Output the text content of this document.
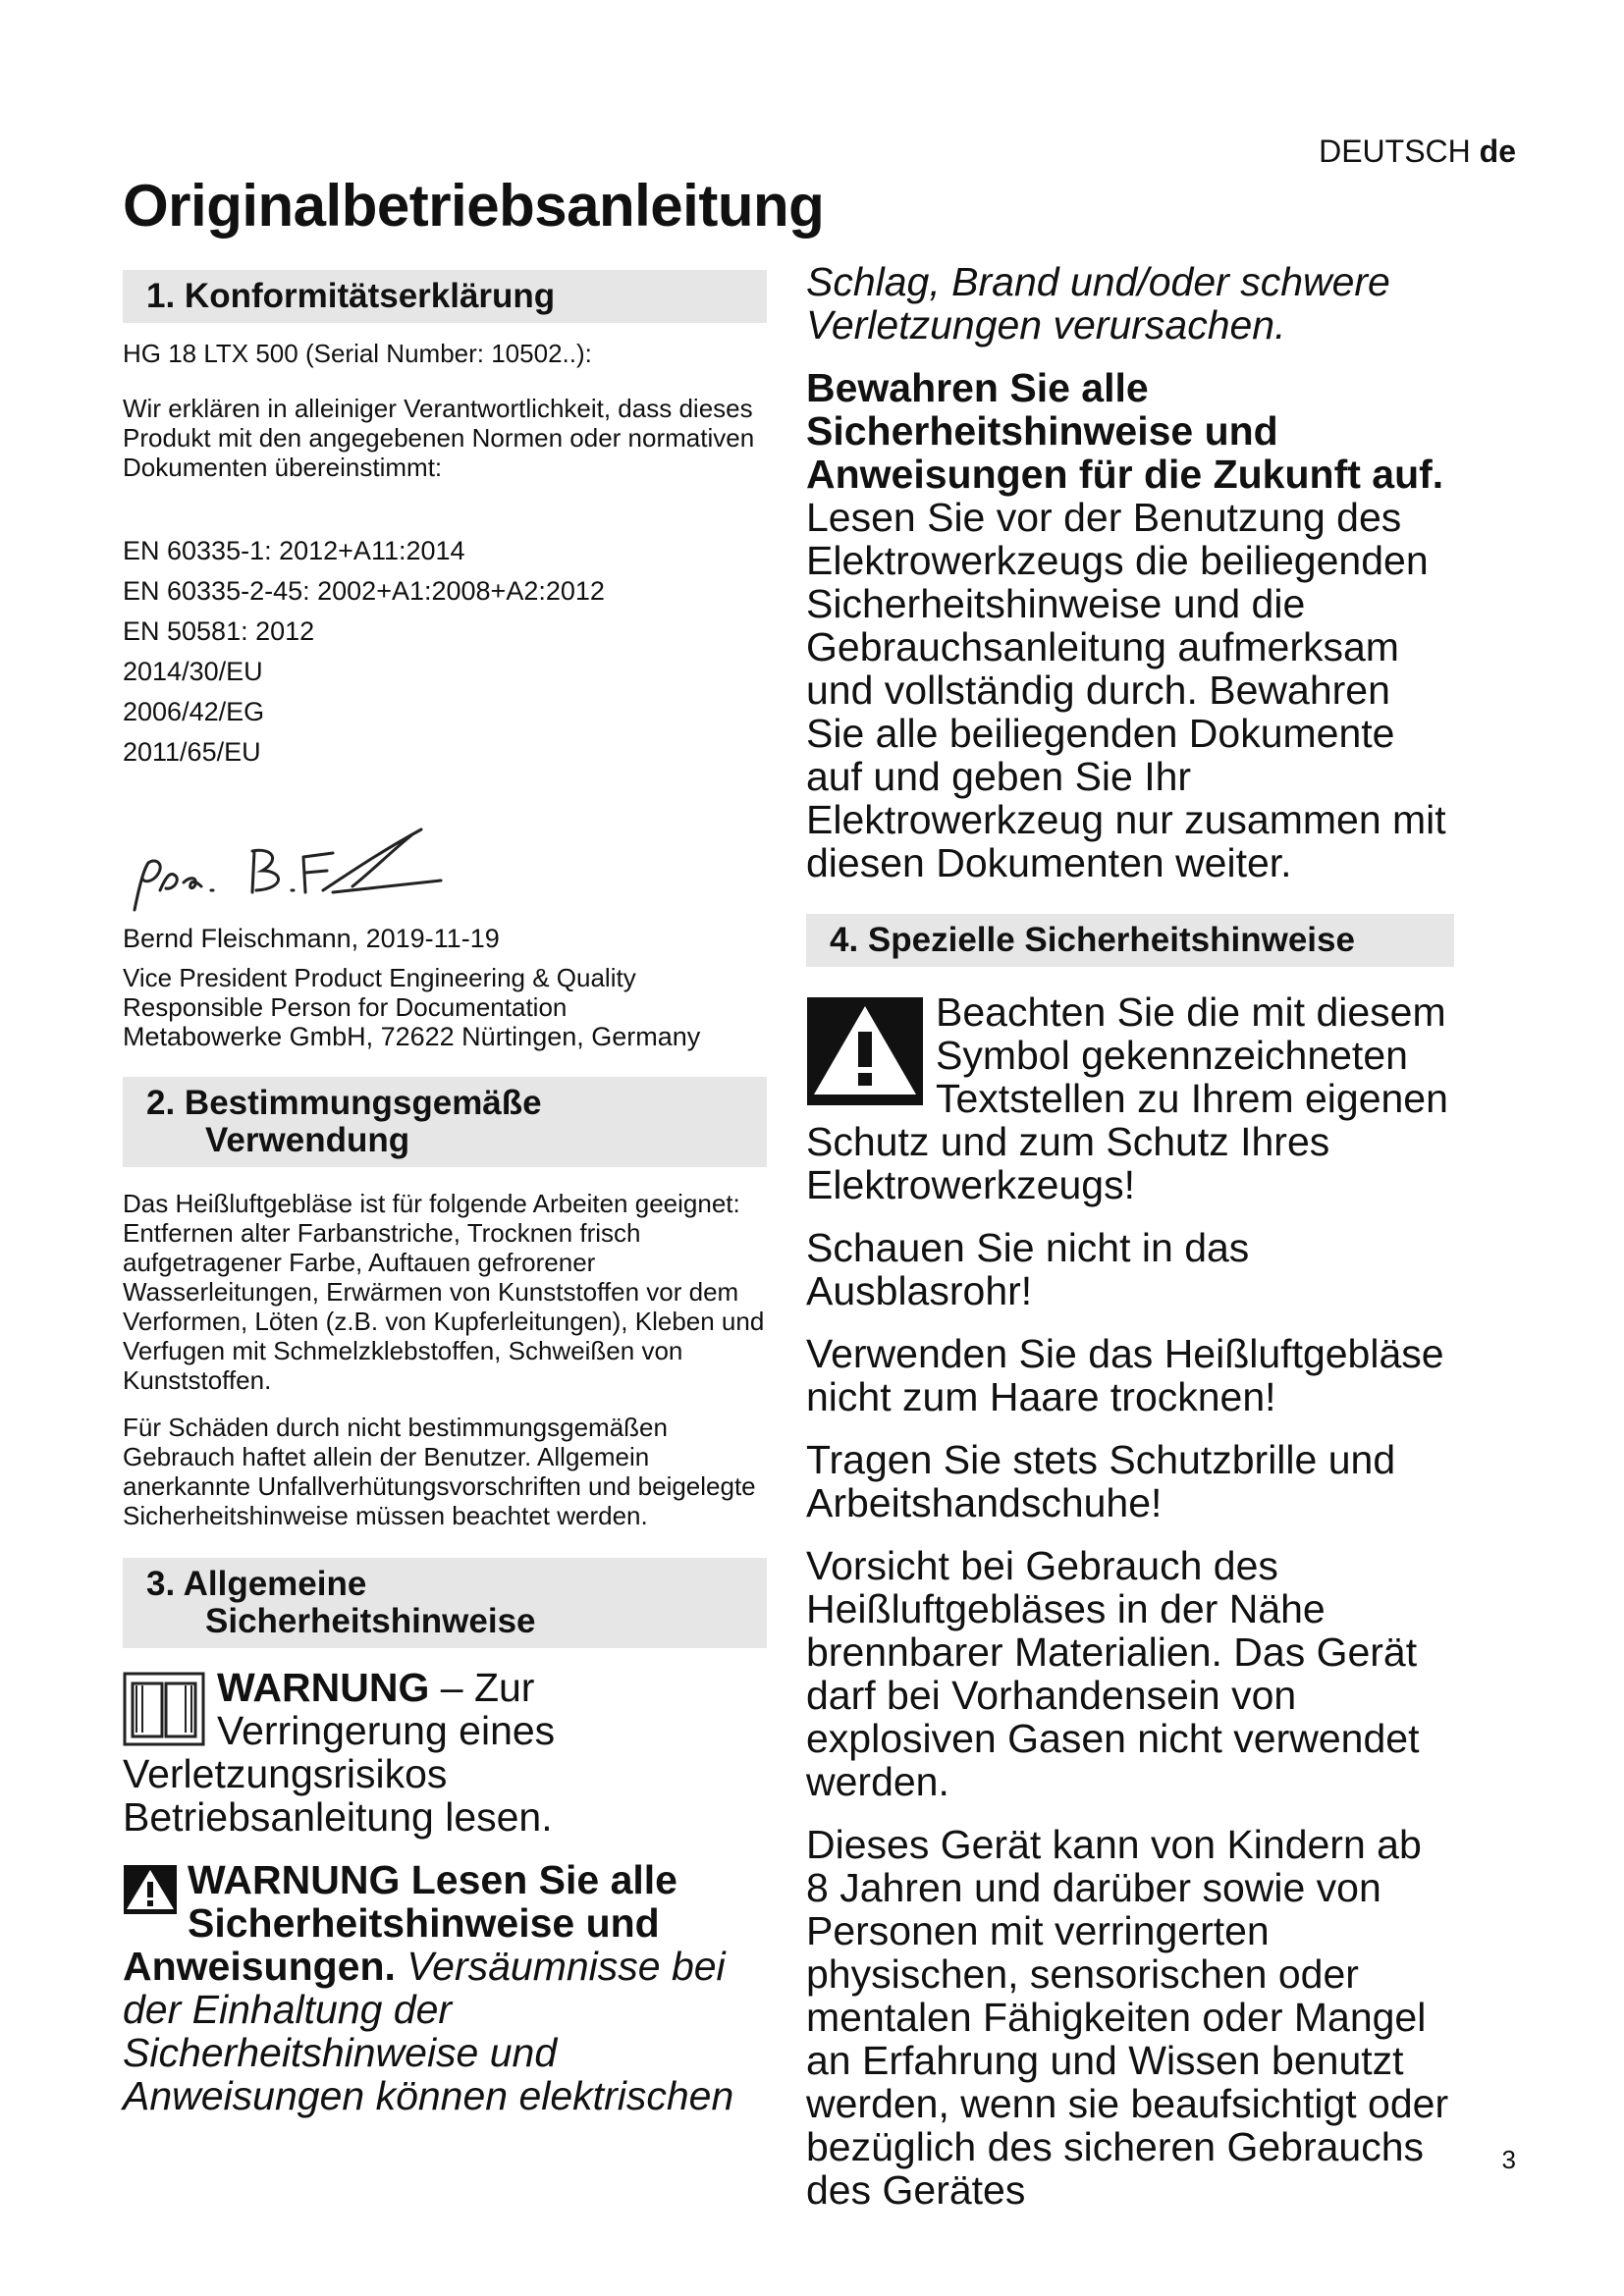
DEUTSCH de
Originalbetriebsanleitung
1. Konformitätserklärung

HG 18 LTX 500 (Serial Number: 10502..):

Wir erklären in alleiniger Verantwortlichkeit, dass dieses Produkt mit den angegebenen Normen oder normativen Dokumenten übereinstimmt:

EN 60335-1: 2012+A11:2014
EN 60335-2-45: 2002+A1:2008+A2:2012
EN 50581: 2012
2014/30/EU
2006/42/EG
2011/65/EU

Bernd Fleischmann, 2019-11-19

Vice President Product Engineering & Quality

Responsible Person for Documentation

Metabowerke GmbH, 72622 Nürtingen, Germany

2. Bestimmungsgemäße
Verwendung

Das Heißluftgebläse ist für folgende Arbeiten geeignet:

Entfernen alter Farbanstriche, Trocknen frisch aufgetragener Farbe, Auftauen gefrorener Wasserleitungen, Erwärmen von Kunststoffen vor dem Verformen, Löten (z.B. von Kupferleitungen), Kleben und Verfugen mit Schmelzklebstoffen, Schweißen von Kunststoffen.

Für Schäden durch nicht bestimmungsgemäßen Gebrauch haftet allein der Benutzer. Allgemein anerkannte Unfallverhütungsvorschriften und beigelegte Sicherheitshinweise müssen beachtet werden.

3. Allgemeine
Sicherheitshinweise

WARNUNG – Zur Verringerung eines Verletzungsrisikos Betriebsanleitung lesen.

WARNUNG Lesen Sie alle Sicherheitshinweise und Anweisungen. Versäumnisse bei der Einhaltung der Sicherheitshinweise und Anweisungen können elektrischen

Schlag, Brand und/oder schwere Verletzungen verursachen.

Bewahren Sie alle Sicherheitshinweise und Anweisungen für die Zukunft auf.

Lesen Sie vor der Benutzung des Elektrowerkzeugs die beiliegenden Sicherheitshinweise und die Gebrauchsanleitung aufmerksam und vollständig durch. Bewahren Sie alle beiliegenden Dokumente auf und geben Sie Ihr Elektrowerkzeug nur zusammen mit diesen Dokumenten weiter.

4. Spezielle Sicherheitshinweise

Beachten Sie die mit diesem Symbol gekennzeichneten Textstellen zu Ihrem eigenen Schutz und zum Schutz Ihres Elektrowerkzeugs!

Schauen Sie nicht in das Ausblasrohr!

Verwenden Sie das Heißluftgebläse nicht zum Haare trocknen!

Tragen Sie stets Schutzbrille und Arbeitshandschuhe!

Vorsicht bei Gebrauch des Heißluftgebläses in der Nähe brennbarer Materialien. Das Gerät darf bei Vorhandensein von explosiven Gasen nicht verwendet werden.

Dieses Gerät kann von Kindern ab 8 Jahren und darüber sowie von Personen mit verringerten physischen, sensorischen oder mentalen Fähigkeiten oder Mangel an Erfahrung und Wissen benutzt werden, wenn sie beaufsichtigt oder bezüglich des sicheren Gebrauchs des Gerätes

3
